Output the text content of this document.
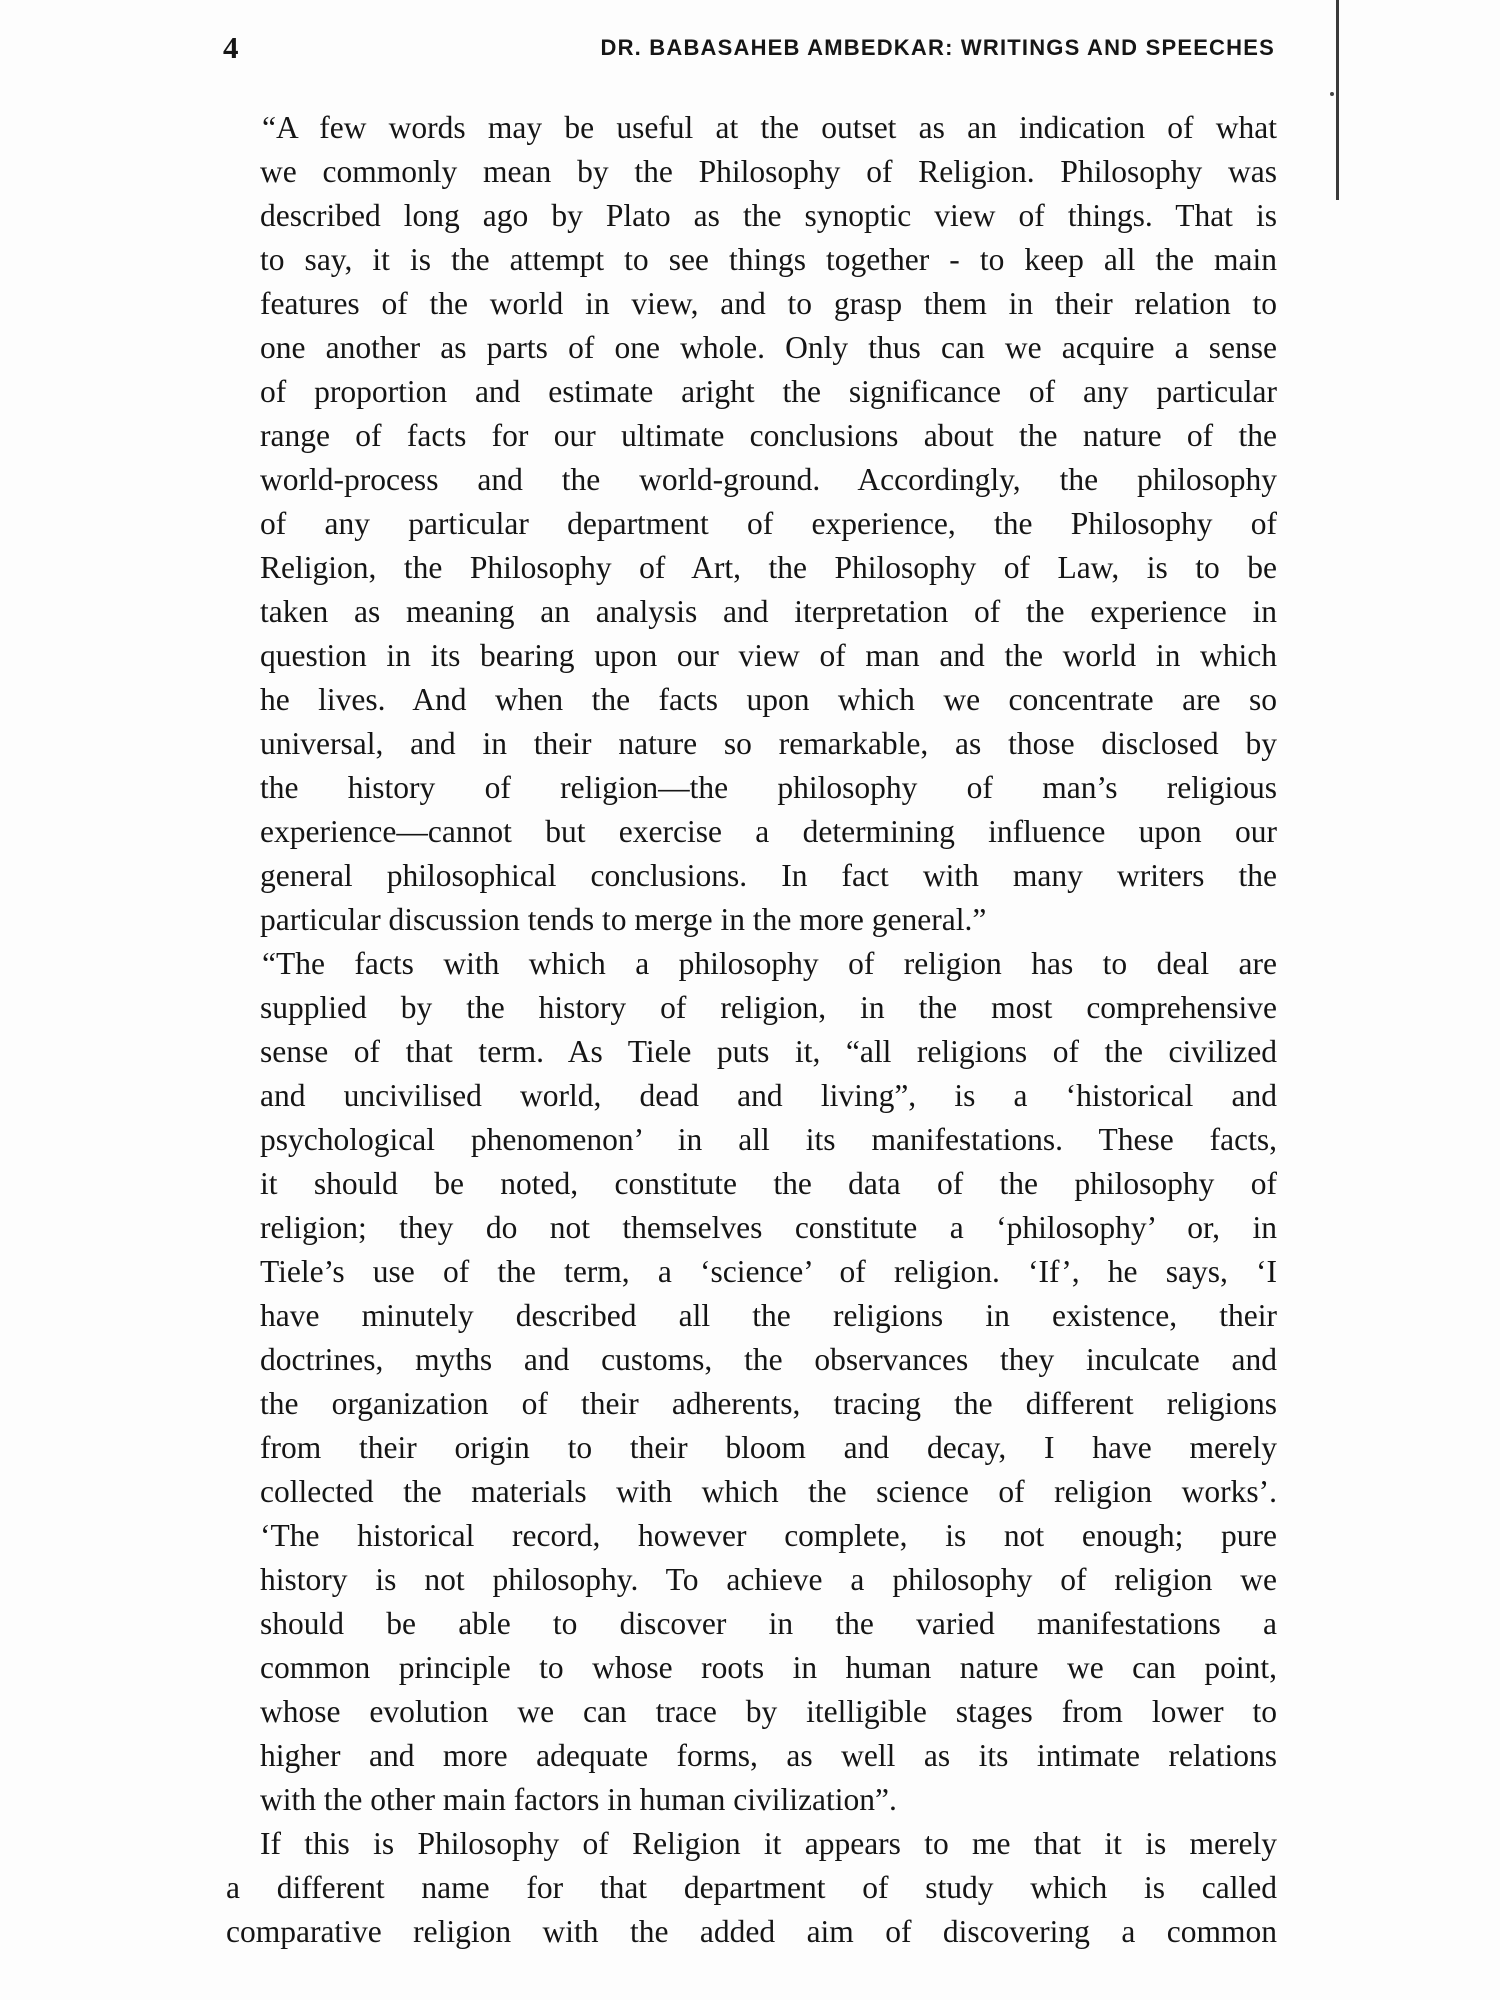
4	DR. BABASAHEB AMBEDKAR: WRITINGS AND SPEECHES
“A few words may be useful at the outset as an indication of what
we commonly mean by the Philosophy of Religion. Philosophy was
described long ago by Plato as the synoptic view of things. That is
to say, it is the attempt to see things together - to keep all the main
features of the world in view, and to grasp them in their relation to
one another as parts of one whole. Only thus can we acquire a sense
of proportion and estimate aright the significance of any particular
range of facts for our ultimate conclusions about the nature of the
world-process and the world-ground. Accordingly, the philosophy
of any particular department of experience, the Philosophy of
Religion, the Philosophy of Art, the Philosophy of Law, is to be
taken as meaning an analysis and iterpretation of the experience in
question in its bearing upon our view of man and the world in which
he lives. And when the facts upon which we concentrate are so
universal, and in their nature so remarkable, as those disclosed by
the history of religion—the philosophy of man’s religious
experience—cannot but exercise a determining influence upon our
general philosophical conclusions. In fact with many writers the
particular discussion tends to merge in the more general.”
“The facts with which a philosophy of religion has to deal are
supplied by the history of religion, in the most comprehensive
sense of that term. As Tiele puts it, “all religions of the civilized
and uncivilised world, dead and living”, is a ‘historical and
psychological phenomenon’ in all its manifestations. These facts,
it should be noted, constitute the data of the philosophy of
religion; they do not themselves constitute a ‘philosophy’ or, in
Tiele’s use of the term, a ‘science’ of religion. ‘If’, he says, ‘I
have minutely described all the religions in existence, their
doctrines, myths and customs, the observances they inculcate and
the organization of their adherents, tracing the different religions
from their origin to their bloom and decay, I have merely
collected the materials with which the science of religion works’.
‘The historical record, however complete, is not enough; pure
history is not philosophy. To achieve a philosophy of religion we
should be able to discover in the varied manifestations a
common principle to whose roots in human nature we can point,
whose evolution we can trace by itelligible stages from lower to
higher and more adequate forms, as well as its intimate relations
with the other main factors in human civilization”.
If this is Philosophy of Religion it appears to me that it is merely
a different name for that department of study which is called
comparative religion with the added aim of discovering a common
